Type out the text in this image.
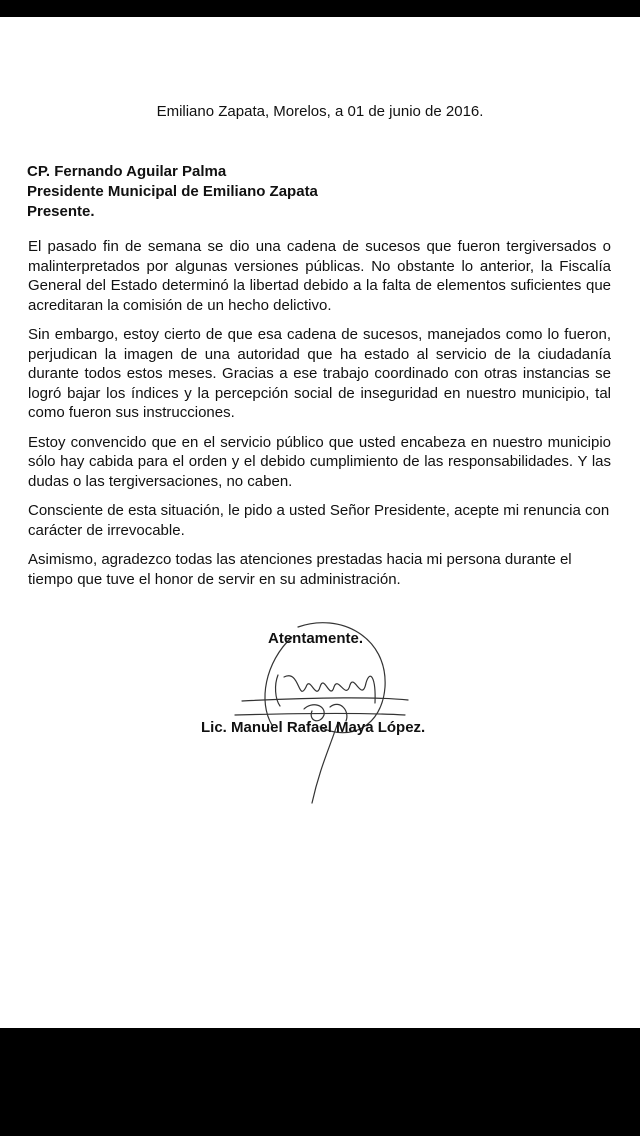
Emiliano Zapata, Morelos, a 01 de junio de 2016.

CP. Fernando Aguilar Palma
Presidente Municipal de Emiliano Zapata
Presente.

El pasado fin de semana se dio una cadena de sucesos que fueron tergiversados o malinterpretados por algunas versiones públicas. No obstante lo anterior, la Fiscalía General del Estado determinó la libertad debido a la falta de elementos suficientes que acreditaran la comisión de un hecho delictivo.

Sin embargo, estoy cierto de que esa cadena de sucesos, manejados como lo fueron, perjudican la imagen de una autoridad que ha estado al servicio de la ciudadanía durante todos estos meses. Gracias a ese trabajo coordinado con otras instancias se logró bajar los índices y la percepción social de inseguridad en nuestro municipio, tal como fueron sus instrucciones.

Estoy convencido que en el servicio público que usted encabeza en nuestro municipio sólo hay cabida para el orden y el debido cumplimiento de las responsabilidades. Y las dudas o las tergiversaciones, no caben.

Consciente de esta situación, le pido a usted Señor Presidente, acepte mi renuncia con carácter de irrevocable.

Asimismo, agradezco todas las atenciones prestadas hacia mi persona durante el tiempo que tuve el honor de servir en su administración.

Atentamente.

Lic. Manuel Rafael Maya López.
